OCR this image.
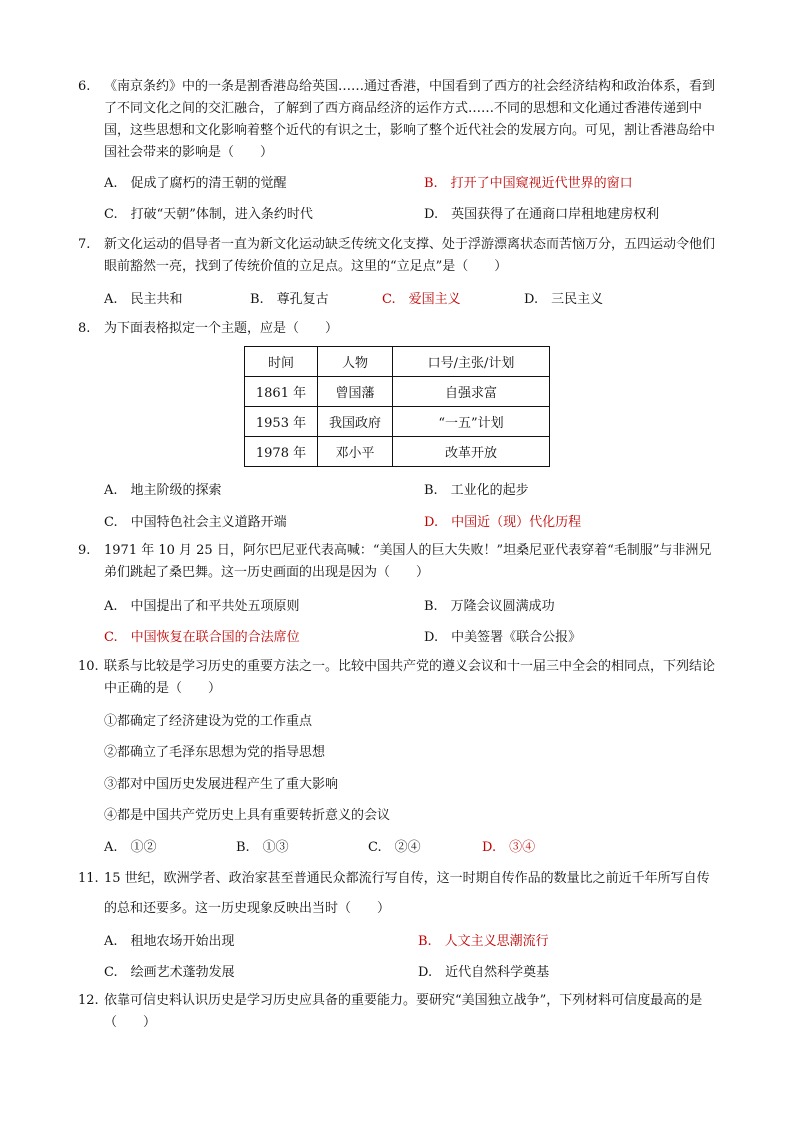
6.	《南京条约》中的一条是割香港岛给英国……通过香港，中国看到了西方的社会经济结构和政治体系，看到了不同文化之间的交汇融合，了解到了西方商品经济的运作方式……不同的思想和文化通过香港传递到中国，这些思想和文化影响着整个近代的有识之士，影响了整个近代社会的发展方向。可见，割让香港岛给中国社会带来的影响是（　　）
A.　促成了腐朽的清王朝的觉醒	B.　打开了中国窥视近代世界的窗口
C.　打破“天朝”体制，进入条约时代	D.　英国获得了在通商口岸租地建房权利
7.	新文化运动的倡导者一直为新文化运动缺乏传统文化支撑、处于浮游漂离状态而苦恼万分，五四运动令他们眼前豁然一亮，找到了传统价值的立足点。这里的“立足点”是（　　）
A.　民主共和	B.　尊孔复古	C.　爱国主义	D.　三民主义
8.	为下面表格拟定一个主题，应是（　　）
时间	人物	口号/主张/计划
1861 年	曾国藩	自强求富
1953 年	我国政府	“一五”计划
1978 年	邓小平	改革开放
A.　地主阶级的探索	B.　工业化的起步
C.　中国特色社会主义道路开端	D.　中国近（现）代化历程
9.	1971 年 10 月 25 日，阿尔巴尼亚代表高喊：“美国人的巨大失败！”坦桑尼亚代表穿着“毛制服”与非洲兄弟们跳起了桑巴舞。这一历史画面的出现是因为（　　）
A.　中国提出了和平共处五项原则	B.　万隆会议圆满成功
C.　中国恢复在联合国的合法席位	D.　中美签署《联合公报》
10. 联系与比较是学习历史的重要方法之一。比较中国共产党的遵义会议和十一届三中全会的相同点，下列结论中正确的是（　　）
①都确定了经济建设为党的工作重点
②都确立了毛泽东思想为党的指导思想
③都对中国历史发展进程产生了重大影响
④都是中国共产党历史上具有重要转折意义的会议
A.　①②	B.　①③	C.　②④	D.　③④
11. 15 世纪，欧洲学者、政治家甚至普通民众都流行写自传，这一时期自传作品的数量比之前近千年所写自传的总和还要多。这一历史现象反映出当时（　　）
A.　租地农场开始出现	B.　人文主义思潮流行
C.　绘画艺术蓬勃发展	D.　近代自然科学奠基
12. 依靠可信史料认识历史是学习历史应具备的重要能力。要研究“美国独立战争”，下列材料可信度最高的是（　　）
